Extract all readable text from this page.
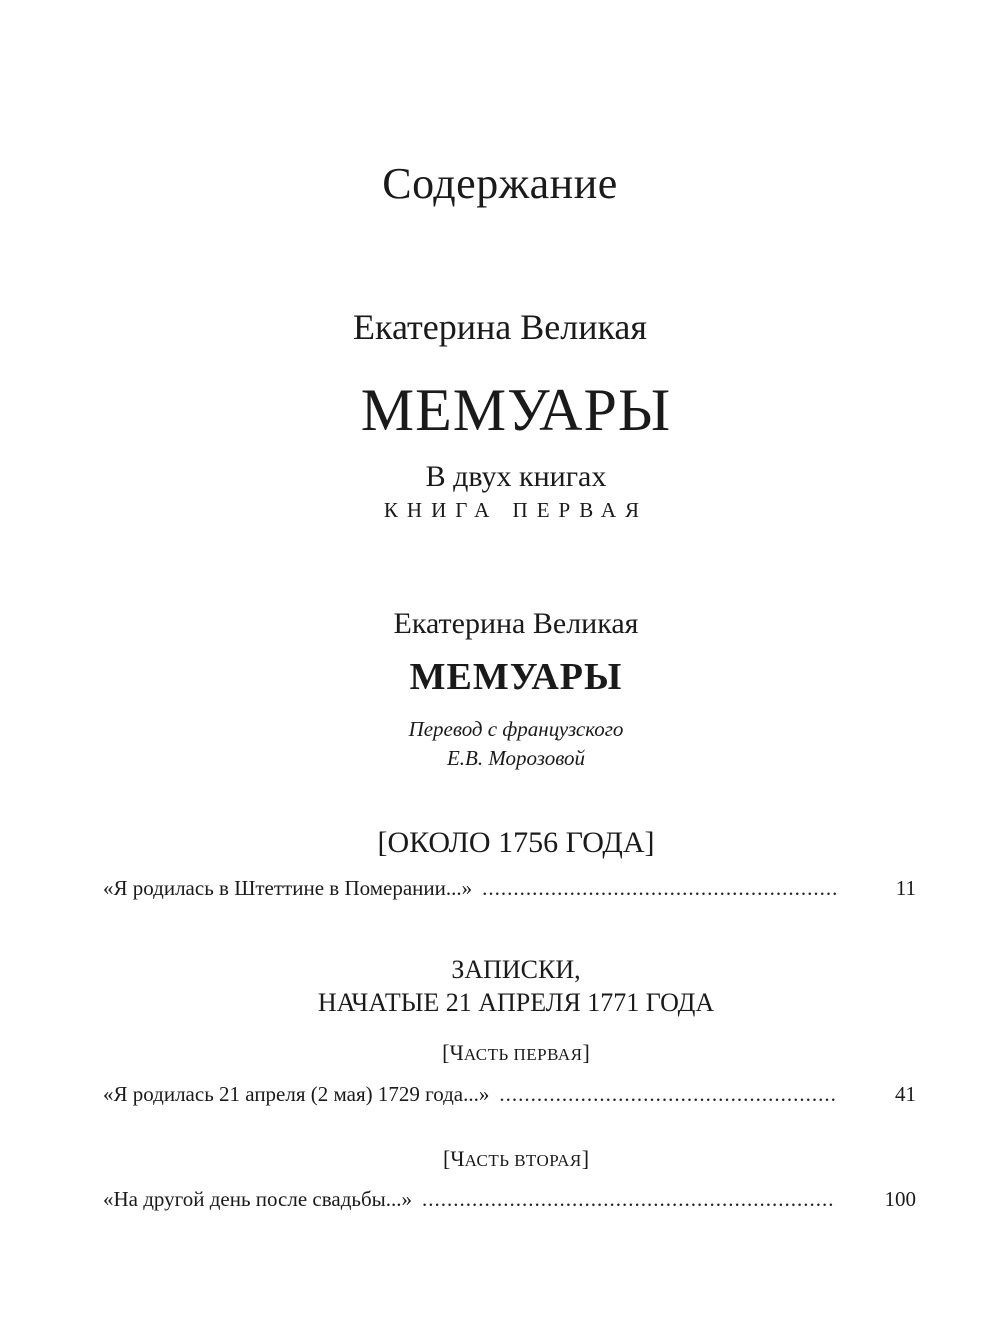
Содержание
Екатерина Великая
МЕМУАРЫ
В двух книгах
КНИГА ПЕРВАЯ
Екатерина Великая
МЕМУАРЫ
Перевод с французского
Е.В. Морозовой
[ОКОЛО 1756 ГОДА]
«Я родилась в Штеттине в Померании...» .....	11
ЗАПИСКИ,
НАЧАТЫЕ 21 АПРЕЛЯ 1771 ГОДА
[ЧАСТЬ ПЕРВАЯ]
«Я родилась 21 апреля (2 мая) 1729 года...» .....	41
[ЧАСТЬ ВТОРАЯ]
«На другой день после свадьбы...» .....	100
